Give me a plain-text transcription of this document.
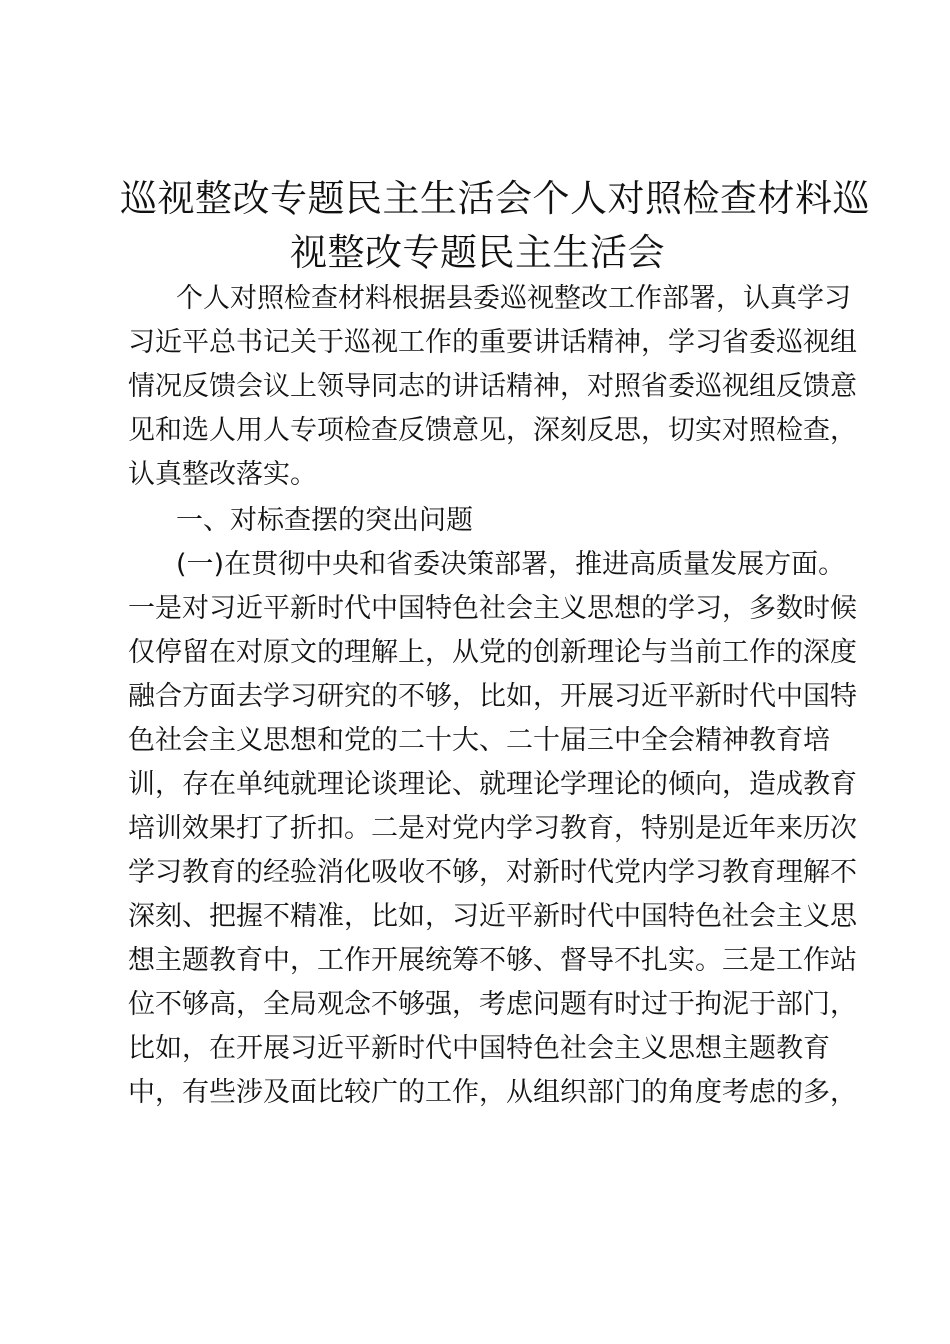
巡视整改专题民主生活会个人对照检查材料巡
视整改专题民主生活会

个人对照检查材料根据县委巡视整改工作部署，认真学习

习近平总书记关于巡视工作的重要讲话精神，学习省委巡视组

情况反馈会议上领导同志的讲话精神，对照省委巡视组反馈意

见和选人用人专项检查反馈意见，深刻反思，切实对照检查，

认真整改落实。

一、对标查摆的突出问题

(一)在贯彻中央和省委决策部署，推进高质量发展方面。

一是对习近平新时代中国特色社会主义思想的学习，多数时候

仅停留在对原文的理解上，从党的创新理论与当前工作的深度

融合方面去学习研究的不够，比如，开展习近平新时代中国特

色社会主义思想和党的二十大、二十届三中全会精神教育培

训，存在单纯就理论谈理论、就理论学理论的倾向，造成教育

培训效果打了折扣。二是对党内学习教育，特别是近年来历次

学习教育的经验消化吸收不够，对新时代党内学习教育理解不

深刻、把握不精准，比如，习近平新时代中国特色社会主义思

想主题教育中，工作开展统筹不够、督导不扎实。三是工作站

位不够高，全局观念不够强，考虑问题有时过于拘泥于部门，

比如，在开展习近平新时代中国特色社会主义思想主题教育

中，有些涉及面比较广的工作，从组织部门的角度考虑的多，
